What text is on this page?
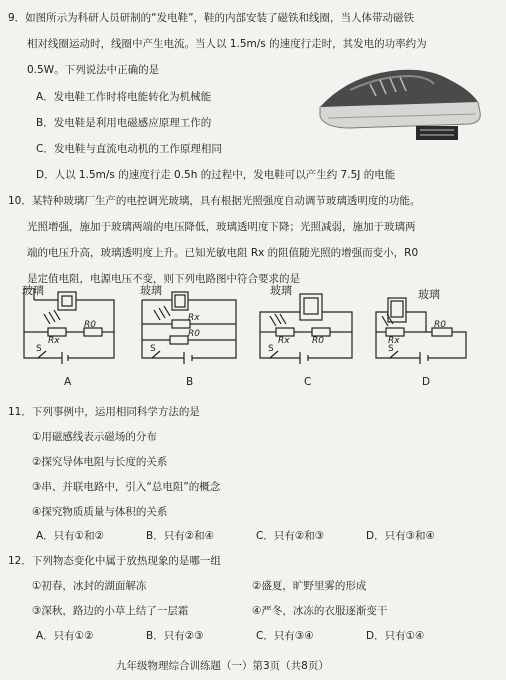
9．如图所示为科研人员研制的“发电鞋”，鞋的内部安装了磁铁和线圈，当人体带动磁铁
相对线圈运动时，线圈中产生电流。当人以 1.5m/s 的速度行走时，其发电的功率约为
0.5W。下列说法中正确的是
A．发电鞋工作时将电能转化为机械能
B．发电鞋是利用电磁感应原理工作的
C．发电鞋与直流电动机的工作原理相同
D．人以 1.5m/s 的速度行走 0.5h 的过程中，发电鞋可以产生约 7.5J 的电能
10．某特种玻璃厂生产的电控调光玻璃，具有根据光照强度自动调节玻璃透明度的功能。
光照增强，施加于玻璃两端的电压降低，玻璃透明度下降；光照减弱，施加于玻璃两
端的电压升高，玻璃透明度上升。已知光敏电阻 Rx 的阻值随光照的增强而变小，R0
是定值电阻，电源电压不变，则下列电路图中符合要求的是
玻璃
Rx
R0
S
A
玻璃
Rx
R0
S
B
玻璃
Rx R0
S
C
玻璃
Rx
R0
S
D
11．下列事例中，运用相同科学方法的是
①用磁感线表示磁场的分布
②探究导体电阻与长度的关系
③串、并联电路中，引入“总电阻”的概念
④探究物质质量与体积的关系
A．只有①和②	B．只有②和④	C．只有②和③	D．只有③和④
12．下列物态变化中属于放热现象的是哪一组
①初春，冰封的湖面解冻	②盛夏，旷野里雾的形成
③深秋，路边的小草上结了一层霜	④严冬，冰冻的衣服逐渐变干
A．只有①②	B．只有②③	C．只有③④	D．只有①④
九年级物理综合训练题（一）第3页（共8页）
